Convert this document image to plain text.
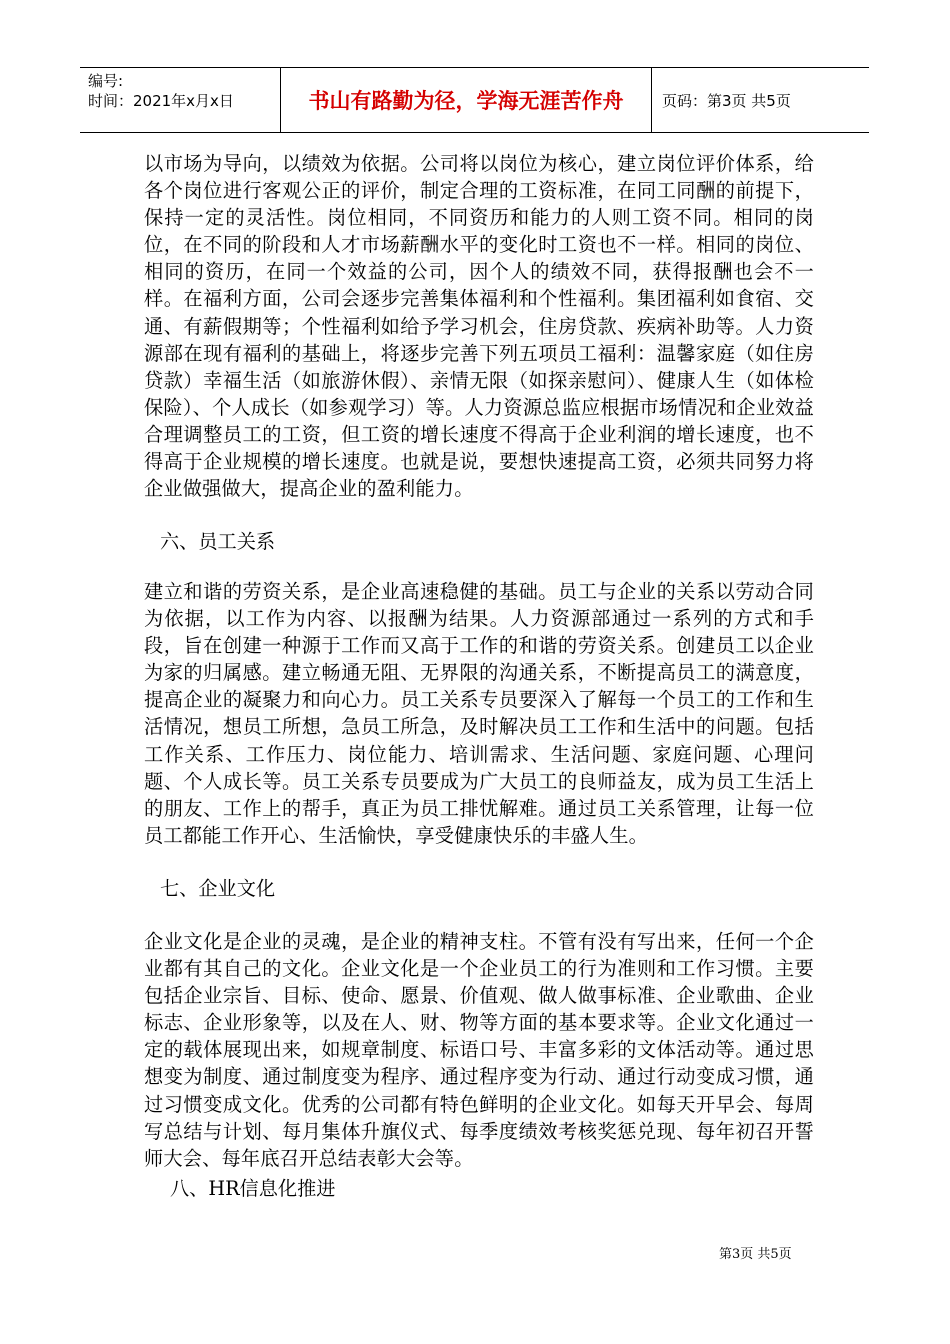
编号:
时间：2021年x月x日	书山有路勤为径，学海无涯苦作舟	页码：第3页 共5页

以市场为导向，以绩效为依据。公司将以岗位为核心，建立岗位评价体系，给各个岗位进行客观公正的评价，制定合理的工资标准，在同工同酬的前提下，保持一定的灵活性。岗位相同，不同资历和能力的人则工资不同。相同的岗位，在不同的阶段和人才市场薪酬水平的变化时工资也不一样。相同的岗位、相同的资历，在同一个效益的公司，因个人的绩效不同，获得报酬也会不一样。在福利方面，公司会逐步完善集体福利和个性福利。集团福利如食宿、交通、有薪假期等；个性福利如给予学习机会，住房贷款、疾病补助等。人力资源部在现有福利的基础上，将逐步完善下列五项员工福利：温馨家庭（如住房贷款）幸福生活（如旅游休假）、亲情无限（如探亲慰问）、健康人生（如体检保险）、个人成长（如参观学习）等。人力资源总监应根据市场情况和企业效益合理调整员工的工资，但工资的增长速度不得高于企业利润的增长速度，也不得高于企业规模的增长速度。也就是说，要想快速提高工资，必须共同努力将企业做强做大，提高企业的盈利能力。

六、员工关系

建立和谐的劳资关系，是企业高速稳健的基础。员工与企业的关系以劳动合同为依据，以工作为内容、以报酬为结果。人力资源部通过一系列的方式和手段，旨在创建一种源于工作而又高于工作的和谐的劳资关系。创建员工以企业为家的归属感。建立畅通无阻、无界限的沟通关系，不断提高员工的满意度，提高企业的凝聚力和向心力。员工关系专员要深入了解每一个员工的工作和生活情况，想员工所想，急员工所急，及时解决员工工作和生活中的问题。包括工作关系、工作压力、岗位能力、培训需求、生活问题、家庭问题、心理问题、个人成长等。员工关系专员要成为广大员工的良师益友，成为员工生活上的朋友、工作上的帮手，真正为员工排忧解难。通过员工关系管理，让每一位员工都能工作开心、生活愉快，享受健康快乐的丰盛人生。

七、企业文化

企业文化是企业的灵魂，是企业的精神支柱。不管有没有写出来，任何一个企业都有其自己的文化。企业文化是一个企业员工的行为准则和工作习惯。主要包括企业宗旨、目标、使命、愿景、价值观、做人做事标准、企业歌曲、企业标志、企业形象等，以及在人、财、物等方面的基本要求等。企业文化通过一定的载体展现出来，如规章制度、标语口号、丰富多彩的文体活动等。通过思想变为制度、通过制度变为程序、通过程序变为行动、通过行动变成习惯，通过习惯变成文化。优秀的公司都有特色鲜明的企业文化。如每天开早会、每周写总结与计划、每月集体升旗仪式、每季度绩效考核奖惩兑现、每年初召开誓师大会、每年底召开总结表彰大会等。

八、HR信息化推进

第3页 共5页
